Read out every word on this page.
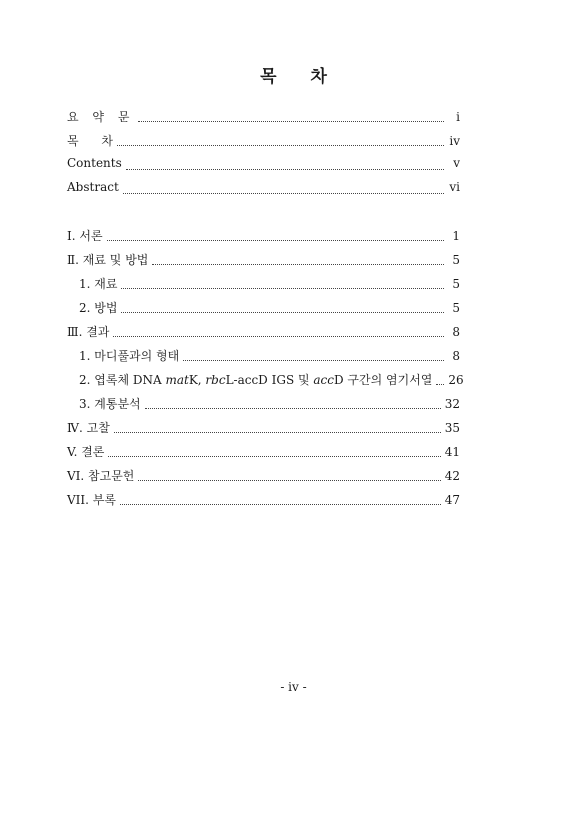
목 차
요 약 문	i
목 차	iv
Contents	v
Abstract	vi
Ⅰ. 서론	1
Ⅱ. 재료 및 방법	5
1. 재료	5
2. 방법	5
Ⅲ. 결과	8
1. 마디풀과의 형태	8
2. 엽록체 DNA matK, rbcL-accD IGS 및 accD 구간의 염기서열 26
3. 계통분석	32
Ⅳ. 고찰	35
V. 결론	41
VI. 참고문헌	42
VII. 부록	47
- iv -
